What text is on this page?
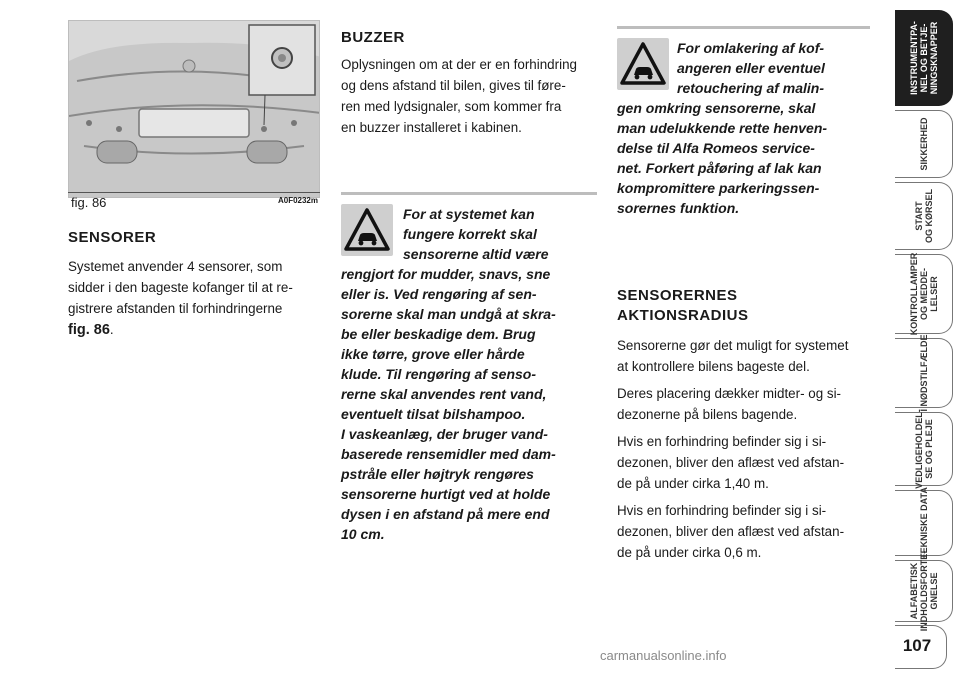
fig. 86	A0F0232m
SENSORER
Systemet anvender 4 sensorer, som
sidder i den bageste kofanger til at re-
gistrere afstanden til forhindringerne
fig. 86.
BUZZER
Oplysningen om at der er en forhindring
og dens afstand til bilen, gives til føre-
ren med lydsignaler, som kommer fra
en buzzer installeret i kabinen.
For at systemet kan
fungere korrekt skal
sensorerne altid være
rengjort for mudder, snavs, sne
eller is. Ved rengøring af sen-
sorerne skal man undgå at skra-
be eller beskadige dem. Brug
ikke tørre, grove eller hårde
klude. Til rengøring af senso-
rerne skal anvendes rent vand,
eventuelt tilsat bilshampoo.
I vaskeanlæg, der bruger vand-
baserede rensemidler med dam-
pstråle eller højtryk rengøres
sensorerne hurtigt ved at holde
dysen i en afstand på mere end
10 cm.
For omlakering af kof-
angeren eller eventuel
retouchering af malin-
gen omkring sensorerne, skal
man udelukkende rette henven-
delse til Alfa Romeos service-
net. Forkert påføring af lak kan
kompromittere parkeringssen-
sorernes funktion.
SENSORERNES
AKTIONSRADIUS
Sensorerne gør det muligt for systemet
at kontrollere bilens bageste del.
Deres placering dækker midter- og si-
dezonerne på bilens bagende.
Hvis en forhindring befinder sig i si-
dezonen, bliver den aflæst ved afstan-
de på under cirka 1,40 m.
Hvis en forhindring befinder sig i si-
dezonen, bliver den aflæst ved afstan-
de på under cirka 0,6 m.
INSTRUMENTPA-
NEL OG BETJE-
NINGSKNAPPER
SIKKERHED
START
OG KØRSEL
KONTROLLAMPER
OG MEDDE-
LELSER
I NØDSTILFÆLDE
VEDLIGEHOLDEL-
SE OG PLEJE
TEKNISKE DATA
ALFABETISK
INDHOLDSFORTE-
GNELSE
107
carmanualsonline.info
